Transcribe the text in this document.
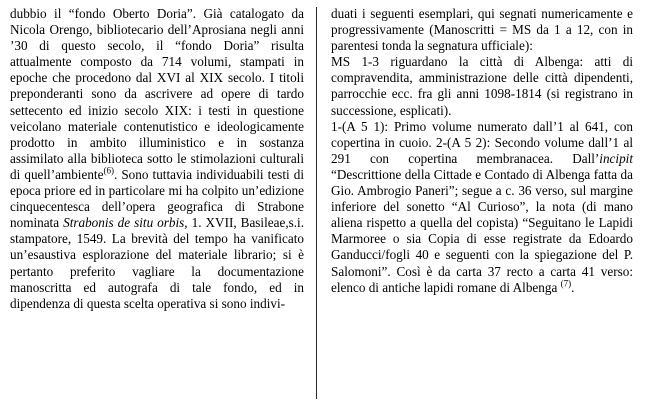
dubbio il “fondo Oberto Doria”. Già catalogato da Nicola Orengo, bibliotecario dell’Aprosiana negli anni ’30 di questo secolo, il “fondo Doria” risulta attualmente composto da 714 volumi, stampati in epoche che procedono dal XVI al XIX secolo. I titoli preponderanti sono da ascrivere ad opere di tardo settecento ed inizio secolo XIX: i testi in questione veicolano materiale contenutistico e ideologicamente prodotto in ambito illuministico e in sostanza assimilato alla biblioteca sotto le stimolazioni culturali di quell’ambiente$^{(6)}$. Sono tuttavia individuabili testi di epoca priore ed in particolare mi ha colpito un’edizione cinquecentesca dell’opera geografica di Strabone nominata Strabonis de situ orbis, 1. XVII, Basileae,s.i. stampatore, 1549. La brevità del tempo ha vanificato un’esaustiva esplorazione del materiale librario; si è pertanto preferito vagliare la documentazione manoscritta ed autografa di tale fondo, ed in dipendenza di questa scelta operativa si sono indivi-

duati i seguenti esemplari, qui segnati numericamente e progressivamente (Manoscritti = MS da 1 a 12, con in parentesi tonda la segnatura ufficiale):

MS 1-3 riguardano la città di Albenga: atti di compravendita, amministrazione delle città dipendenti, parrocchie ecc. fra gli anni 1098-1814 (si registrano in successione, esplicati).

1-(A 5 1): Primo volume numerato dall’1 al 641, con copertina in cuoio. 2-(A 5 2): Secondo volume dall’1 al 291 con copertina membranacea. Dall’incipit “Descrittione della Cittade e Contado di Albenga fatta da Gio. Ambrogio Paneri”; segue a c. 36 verso, sul margine inferiore del sonetto “Al Curioso”, la nota (di mano aliena rispetto a quella del copista) “Seguitano le Lapidi Marmoree o sia Copia di esse registrate da Edoardo Ganducci/fogli 40 e seguenti con la spiegazione del P. Salomoni”. Così è da carta 37 recto a carta 41 verso: elenco di antiche lapidi romane di Albenga $^{(7)}$.
